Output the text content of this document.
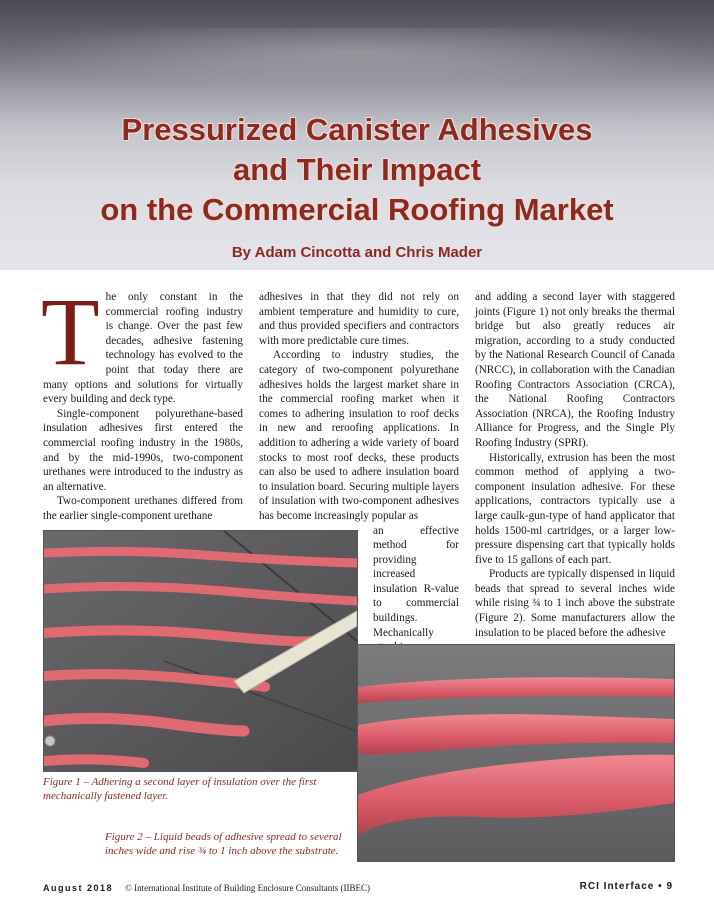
Pressurized Canister Adhesives
and Their Impact
on the Commercial Roofing Market
By Adam Cincotta and Chris Mader

The only constant in the commercial roofing industry is change. Over the past few decades, adhesive fastening technology has evolved to the point that today there are many options and solutions for virtually every building and deck type.

Single-component polyurethane-based insulation adhesives first entered the commercial roofing industry in the 1980s, and by the mid-1990s, two-component urethanes were introduced to the industry as an alternative.

Two-component urethanes differed from the earlier single-component urethane

adhesives in that they did not rely on ambient temperature and humidity to cure, and thus provided specifiers and contractors with more predictable cure times.

According to industry studies, the category of two-component polyurethane adhesives holds the largest market share in the commercial roofing market when it comes to adhering insulation to roof decks in new and reroofing applications. In addition to adhering a wide variety of board stocks to most roof decks, these products can also be used to adhere insulation board to insulation board. Securing multiple layers of insulation with two-component adhesives has become increasingly popular as

an effective method for providing increased insulation R-value to commercial buildings. Mechanically

and adding a second layer with staggered joints (Figure 1) not only breaks the thermal bridge but also greatly reduces air migration, according to a study conducted by the National Research Council of Canada (NRCC), in collaboration with the Canadian Roofing Contractors Association (CRCA), the National Roofing Contractors Association (NRCA), the Roofing Industry Alliance for Progress, and the Single Ply Roofing Industry (SPRI).

Historically, extrusion has been the most common method of applying a two-component insulation adhesive. For these applications, contractors typically use a large caulk-gun-type of hand applicator that holds 1500-ml cartridges, or a larger low-pressure dispensing cart that typically holds five to 15 gallons of each part.

Products are typically dispensed in liquid beads that spread to several inches wide while rising ¾ to 1 inch above the substrate (Figure 2). Some manufacturers allow the insulation to be placed before the adhesive

Figure 1 – Adhering a second layer of insulation over the first mechanically fastened layer.
Figure 2 – Liquid beads of adhesive spread to several inches wide and rise ¾ to 1 inch above the substrate.
August 2018 © International Institute of Building Enclosure Consultants (IIBEC)	RCI Interface • 9
